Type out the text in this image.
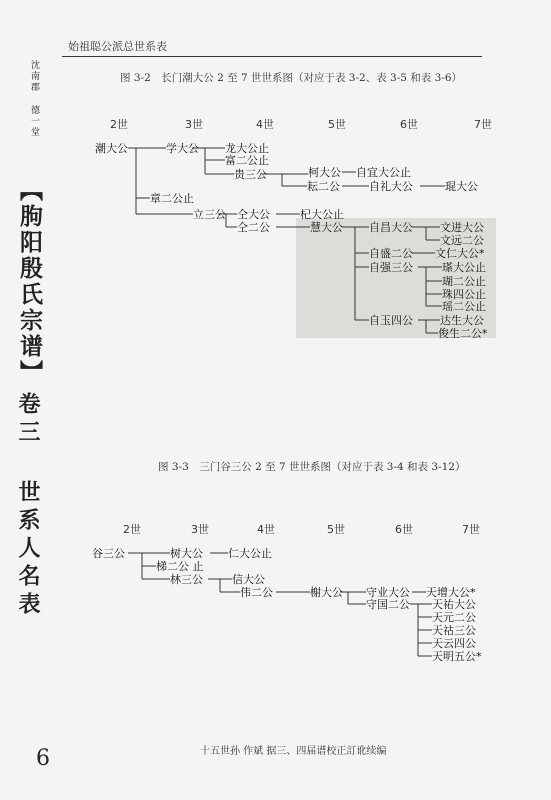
始祖聪公派总世系表
沈南郡 德一堂
【朐阳殷氏宗谱】
卷三 世系人名表
图 3-2　长门潮大公 2 至 7 世世系图（对应于表 3-2、表 3-5 和表 3-6）
2世	3世	4世	5世	6世	7世
潮大公	学大公 龙大公止
富二公止
贵三公	柯大公 自宜大公止
耘二公	自礼大公	琨大公
章二公止
立三公 仝大公	杞大公止
仝二公	慧大公 自昌大公 文进大公
文远二公
自盛二公 文仁大公*
自强三公	瑹大公止
瑚二公止
珠四公止
瑶二公止
自玉四公 达生大公
俊生二公*
图 3-3　三门谷三公 2 至 7 世世系图（对应于表 3-4 和表 3-12）
2世	3世	4世	5世	6世	7世
谷三公	树大公 仁大公止
梯二公 止
林三公	信大公
伟二公	榭大公 守业大公 天增大公*
守国二公 天祐大公
天元二公
天祜三公
天云四公
天明五公*
十五世孙 作斌 据三、四届谱校正訂讹续编
6
